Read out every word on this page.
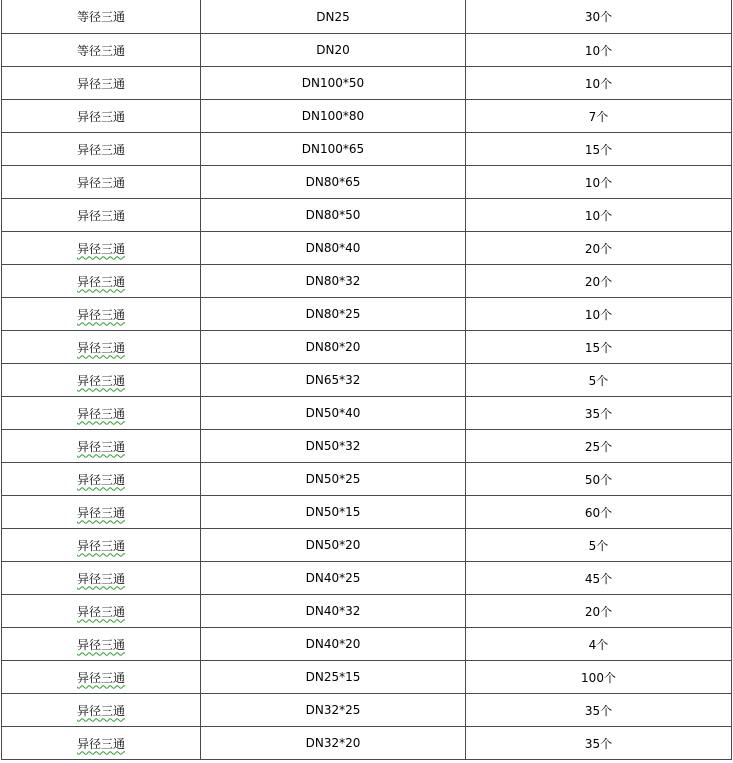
等径三通	DN25	30个
等径三通	DN20	10个
异径三通	DN100*50	10个
异径三通	DN100*80	7个
异径三通	DN100*65	15个
异径三通	DN80*65	10个
异径三通	DN80*50	10个
异径三通	DN80*40	20个
异径三通	DN80*32	20个
异径三通	DN80*25	10个
异径三通	DN80*20	15个
异径三通	DN65*32	5个
异径三通	DN50*40	35个
异径三通	DN50*32	25个
异径三通	DN50*25	50个
异径三通	DN50*15	60个
异径三通	DN50*20	5个
异径三通	DN40*25	45个
异径三通	DN40*32	20个
异径三通	DN40*20	4个
异径三通	DN25*15	100个
异径三通	DN32*25	35个
异径三通	DN32*20	35个
